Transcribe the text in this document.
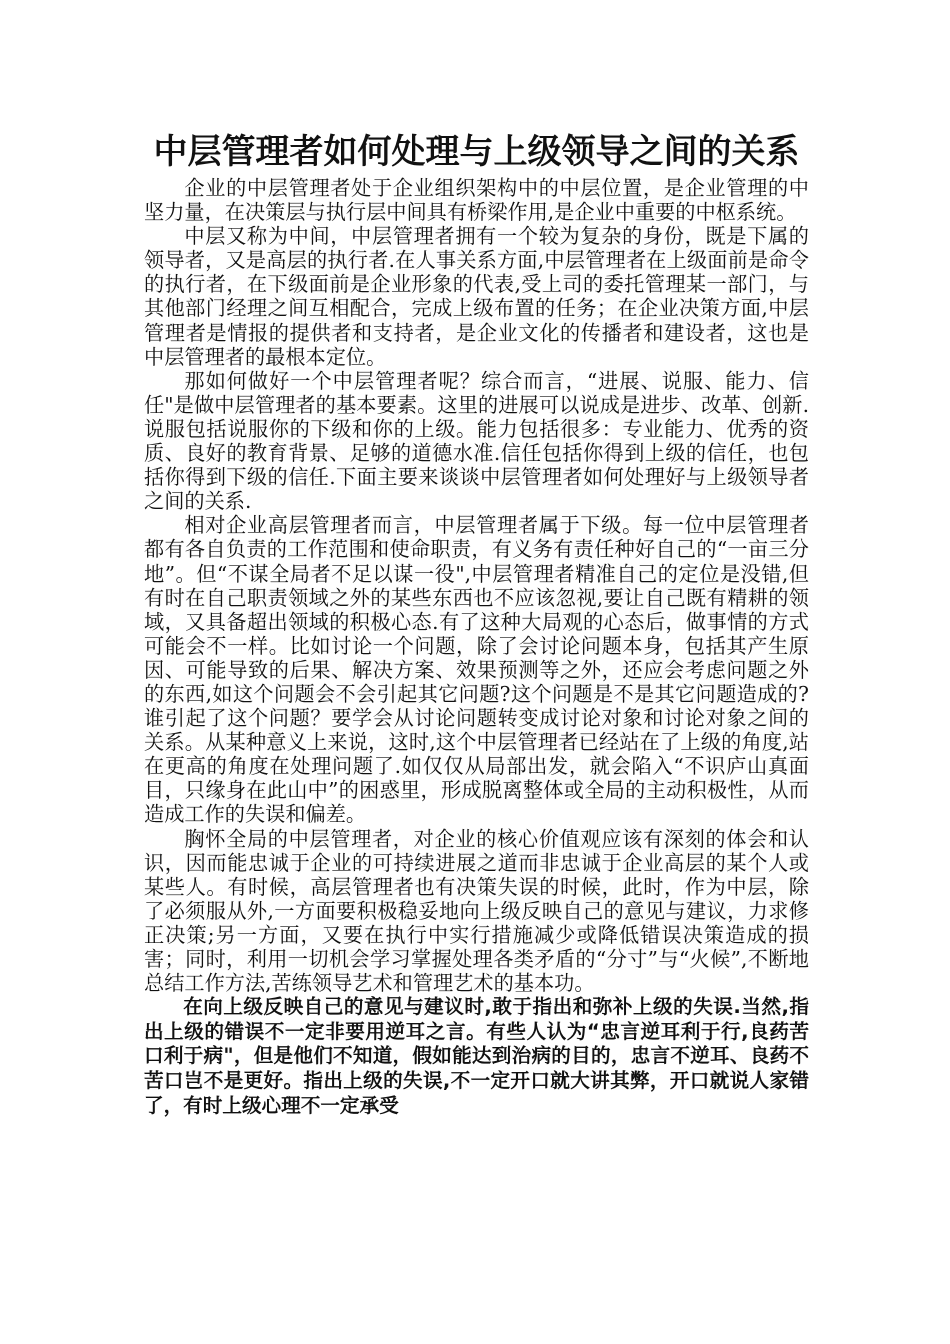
中层管理者如何处理与上级领导之间的关系

企业的中层管理者处于企业组织架构中的中层位置，是企业管理的中坚力量，在决策层与执行层中间具有桥梁作用,是企业中重要的中枢系统。

中层又称为中间，中层管理者拥有一个较为复杂的身份，既是下属的领导者，又是高层的执行者.在人事关系方面,中层管理者在上级面前是命令的执行者，在下级面前是企业形象的代表,受上司的委托管理某一部门，与其他部门经理之间互相配合，完成上级布置的任务；在企业决策方面,中层管理者是情报的提供者和支持者，是企业文化的传播者和建设者，这也是中层管理者的最根本定位。

那如何做好一个中层管理者呢？综合而言，“进展、说服、能力、信任"是做中层管理者的基本要素。这里的进展可以说成是进步、改革、创新.说服包括说服你的下级和你的上级。能力包括很多：专业能力、优秀的资质、良好的教育背景、足够的道德水准.信任包括你得到上级的信任，也包括你得到下级的信任.下面主要来谈谈中层管理者如何处理好与上级领导者之间的关系.

相对企业高层管理者而言，中层管理者属于下级。每一位中层管理者都有各自负责的工作范围和使命职责，有义务有责任种好自己的“一亩三分地”。但“不谋全局者不足以谋一役",中层管理者精准自己的定位是没错,但有时在自己职责领域之外的某些东西也不应该忽视,要让自己既有精耕的领域，又具备超出领域的积极心态.有了这种大局观的心态后，做事情的方式可能会不一样。比如讨论一个问题，除了会讨论问题本身，包括其产生原因、可能导致的后果、解决方案、效果预测等之外，还应会考虑问题之外的东西,如这个问题会不会引起其它问题?这个问题是不是其它问题造成的?谁引起了这个问题？要学会从讨论问题转变成讨论对象和讨论对象之间的关系。从某种意义上来说，这时,这个中层管理者已经站在了上级的角度,站在更高的角度在处理问题了.如仅仅从局部出发，就会陷入“不识庐山真面目，只缘身在此山中”的困惑里，形成脱离整体或全局的主动积极性，从而造成工作的失误和偏差。

胸怀全局的中层管理者，对企业的核心价值观应该有深刻的体会和认识，因而能忠诚于企业的可持续进展之道而非忠诚于企业高层的某个人或某些人。有时候，高层管理者也有决策失误的时候，此时，作为中层，除了必须服从外,一方面要积极稳妥地向上级反映自己的意见与建议，力求修正决策;另一方面，又要在执行中实行措施减少或降低错误决策造成的损害；同时，利用一切机会学习掌握处理各类矛盾的“分寸”与“火候”,不断地总结工作方法,苦练领导艺术和管理艺术的基本功。

在向上级反映自己的意见与建议时,敢于指出和弥补上级的失误.当然,指出上级的错误不一定非要用逆耳之言。有些人认为“忠言逆耳利于行,良药苦口利于病"，但是他们不知道，假如能达到治病的目的，忠言不逆耳、良药不苦口岂不是更好。指出上级的失误,不一定开口就大讲其弊，开口就说人家错了，有时上级心理不一定承受
